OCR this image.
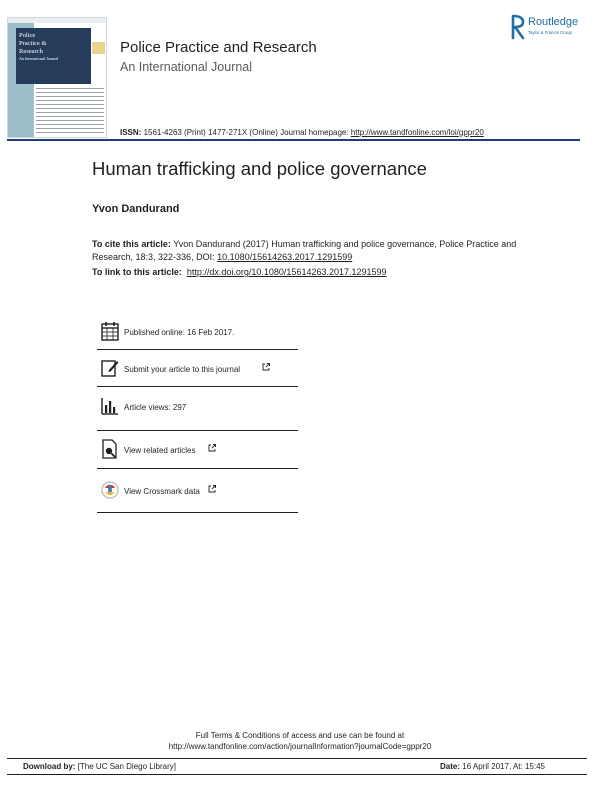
Police
Practice &
Research
An International Journal
Police Practice and Research
An International Journal
Routledge
Taylor & Francis Group
ISSN: 1561-4263 (Print) 1477-271X (Online) Journal homepage: http://www.tandfonline.com/loi/gppr20
Human trafficking and police governance
Yvon Dandurand
To cite this article: Yvon Dandurand (2017) Human trafficking and police governance, Police Practice and Research, 18:3, 322-336, DOI: 10.1080/15614263.2017.1291599
To link to this article: http://dx.doi.org/10.1080/15614263.2017.1291599
Published online: 16 Feb 2017.
Submit your article to this journal
Article views: 297
View related articles
View Crossmark data
Full Terms & Conditions of access and use can be found at
http://www.tandfonline.com/action/journalInformation?journalCode=gppr20
Download by: [The UC San Diego Library]	Date: 16 April 2017, At: 15:45
